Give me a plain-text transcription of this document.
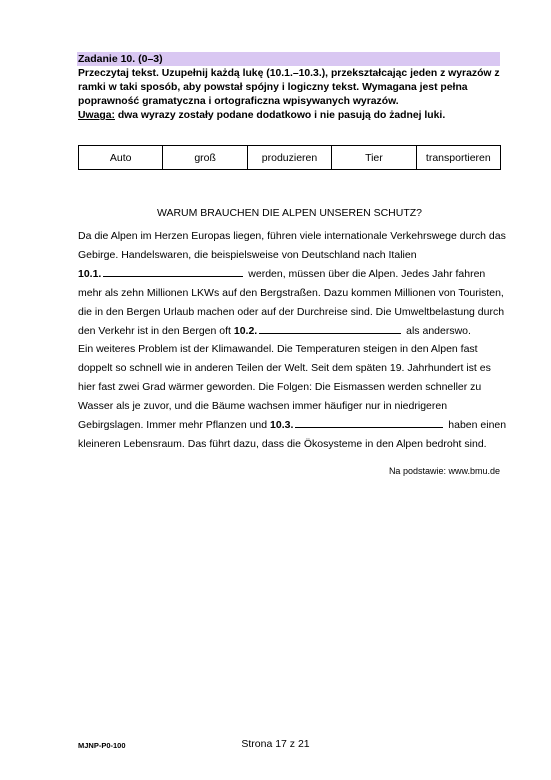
Zadanie 10. (0–3)
Przeczytaj tekst. Uzupełnij każdą lukę (10.1.–10.3.), przekształcając jeden z wyrazów z ramki w taki sposób, aby powstał spójny i logiczny tekst. Wymagana jest pełna poprawność gramatyczna i ortograficzna wpisywanych wyrazów.
Uwaga: dwa wyrazy zostały podane dodatkowo i nie pasują do żadnej luki.
Auto	groß	produzieren	Tier	transportieren
WARUM BRAUCHEN DIE ALPEN UNSEREN SCHUTZ?
Da die Alpen im Herzen Europas liegen, führen viele internationale Verkehrswege durch das Gebirge. Handelswaren, die beispielsweise von Deutschland nach Italien
10.1.	werden, müssen über die Alpen. Jedes Jahr fahren mehr als zehn Millionen LKWs auf den Bergstraßen. Dazu kommen Millionen von Touristen, die in den Bergen Urlaub machen oder auf der Durchreise sind. Die Umweltbelastung durch den Verkehr ist in den Bergen oft 10.2.	als anderswo.
Ein weiteres Problem ist der Klimawandel. Die Temperaturen steigen in den Alpen fast doppelt so schnell wie in anderen Teilen der Welt. Seit dem späten 19. Jahrhundert ist es hier fast zwei Grad wärmer geworden. Die Folgen: Die Eismassen werden schneller zu Wasser als je zuvor, und die Bäume wachsen immer häufiger nur in niedrigeren Gebirgslagen. Immer mehr Pflanzen und 10.3.	haben einen kleineren Lebensraum. Das führt dazu, dass die Ökosysteme in den Alpen bedroht sind.
Na podstawie: www.bmu.de
MJNP-P0-100	Strona 17 z 21
